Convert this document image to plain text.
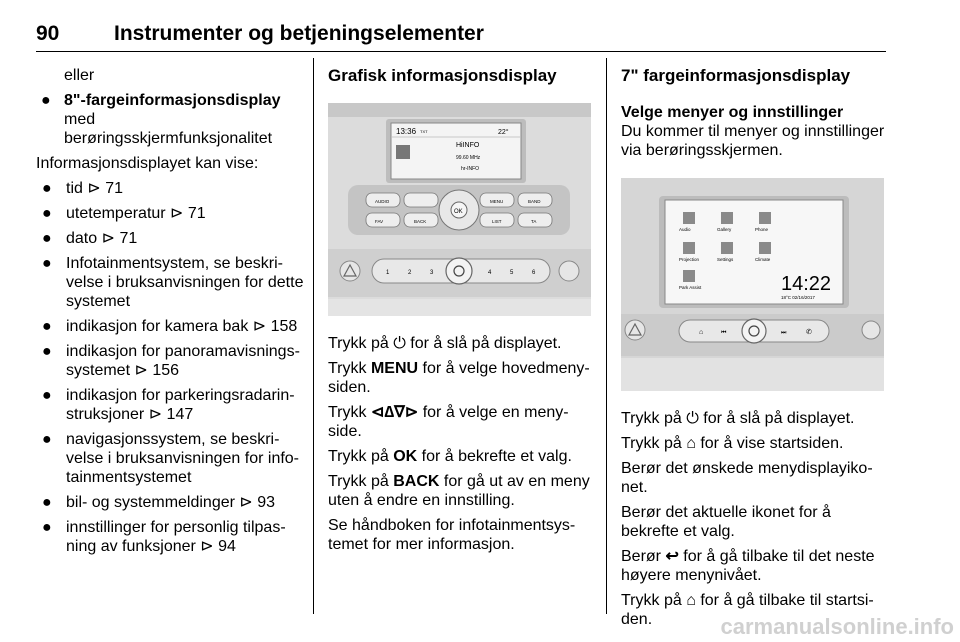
90	Instrumenter og betjeningselementer
eller
● 8"-fargeinformasjonsdisplay med berøringsskjermfunksjonalitet
Informasjonsdisplayet kan vise:
● tid ⊳ 71
● utetemperatur ⊳ 71
● dato ⊳ 71
● Infotainmentsystem, se beskri-velse i bruksanvisningen for dette systemet
● indikasjon for kamera bak ⊳ 158
● indikasjon for panoramavisnings-systemet ⊳ 156
● indikasjon for parkeringsradarin-struksjoner ⊳ 147
● navigasjonssystem, se beskri-velse i bruksanvisningen for info-tainmentsystemet
● bil- og systemmeldinger ⊳ 93
● innstillinger for personlig tilpas-ning av funksjoner ⊳ 94
Grafisk informasjonsdisplay
13:36 TXT	22°
HiINFO
99.60 MHz
hr-INFO
AUDIO
FAV	BACK
OK
MENU	BAND
LIST	TA
1	2	3	4	5	6
Trykk på ⏻ for å slå på displayet.
Trykk MENU for å velge hovedmeny-siden.
Trykk ⊲∆∇⊳ for å velge en meny-side.
Trykk på OK for å bekrefte et valg.
Trykk på BACK for gå ut av en meny uten å endre en innstilling.
Se håndboken for infotainmentsys-temet for mer informasjon.
7" fargeinformasjonsdisplay
Velge menyer og innstillinger
Du kommer til menyer og innstillinger via berøringsskjermen.
Audio	Gallery	Phone
Projection	Settings	Climate
Park Assist	14:22
18°C 02/16/2017
⌂	⏮	⏭	✆
Trykk på ⏻ for å slå på displayet.
Trykk på ⌂ for å vise startsiden.
Berør det ønskede menydisplayiko-net.
Berør det aktuelle ikonet for å bekrefte et valg.
Berør ↩ for å gå tilbake til det neste høyere menynivået.
Trykk på ⌂ for å gå tilbake til startsi-den.	carmanualsonline.info
